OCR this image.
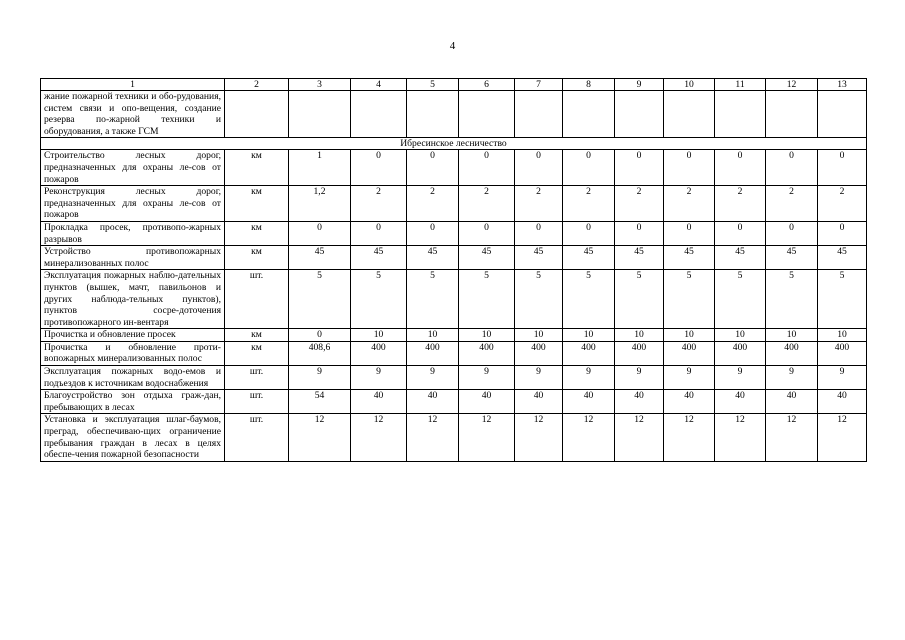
4
1	2	3	4	5	6	7	8	9	10	11	12	13
жание пожарной техники и обо-рудования, систем связи и опо-вещения, создание резерва по-жарной техники и оборудования, а также ГСМ												
Ибресинское лесничество												
Строительство лесных дорог, предназначенных для охраны ле-сов от пожаров	км	1	0	0	0	0	0	0	0	0	0	0
Реконструкция лесных дорог, предназначенных для охраны ле-сов от пожаров	км	1,2	2	2	2	2	2	2	2	2	2	2
Прокладка просек, противопо-жарных разрывов	км	0	0	0	0	0	0	0	0	0	0	0
Устройство противопожарных минерализованных полос	км	45	45	45	45	45	45	45	45	45	45	45
Эксплуатация пожарных наблю-дательных пунктов (вышек, мачт, павильонов и других наблюда-тельных пунктов), пунктов сосре-доточения противопожарного ин-вентаря	шт.	5	5	5	5	5	5	5	5	5	5	5
Прочистка и обновление просек	км	0	10	10	10	10	10	10	10	10	10	10
Прочистка и обновление проти-вопожарных минерализованных полос	км	408,6	400	400	400	400	400	400	400	400	400	400
Эксплуатация пожарных водо-емов и подъездов к источникам водоснабжения	шт.	9	9	9	9	9	9	9	9	9	9	9
Благоустройство зон отдыха граж-дан, пребывающих в лесах	шт.	54	40	40	40	40	40	40	40	40	40	40
Установка и эксплуатация шлаг-баумов, преград, обеспечиваю-щих ограничение пребывания граждан в лесах в целях обеспе-чения пожарной безопасности	шт.	12	12	12	12	12	12	12	12	12	12	12
